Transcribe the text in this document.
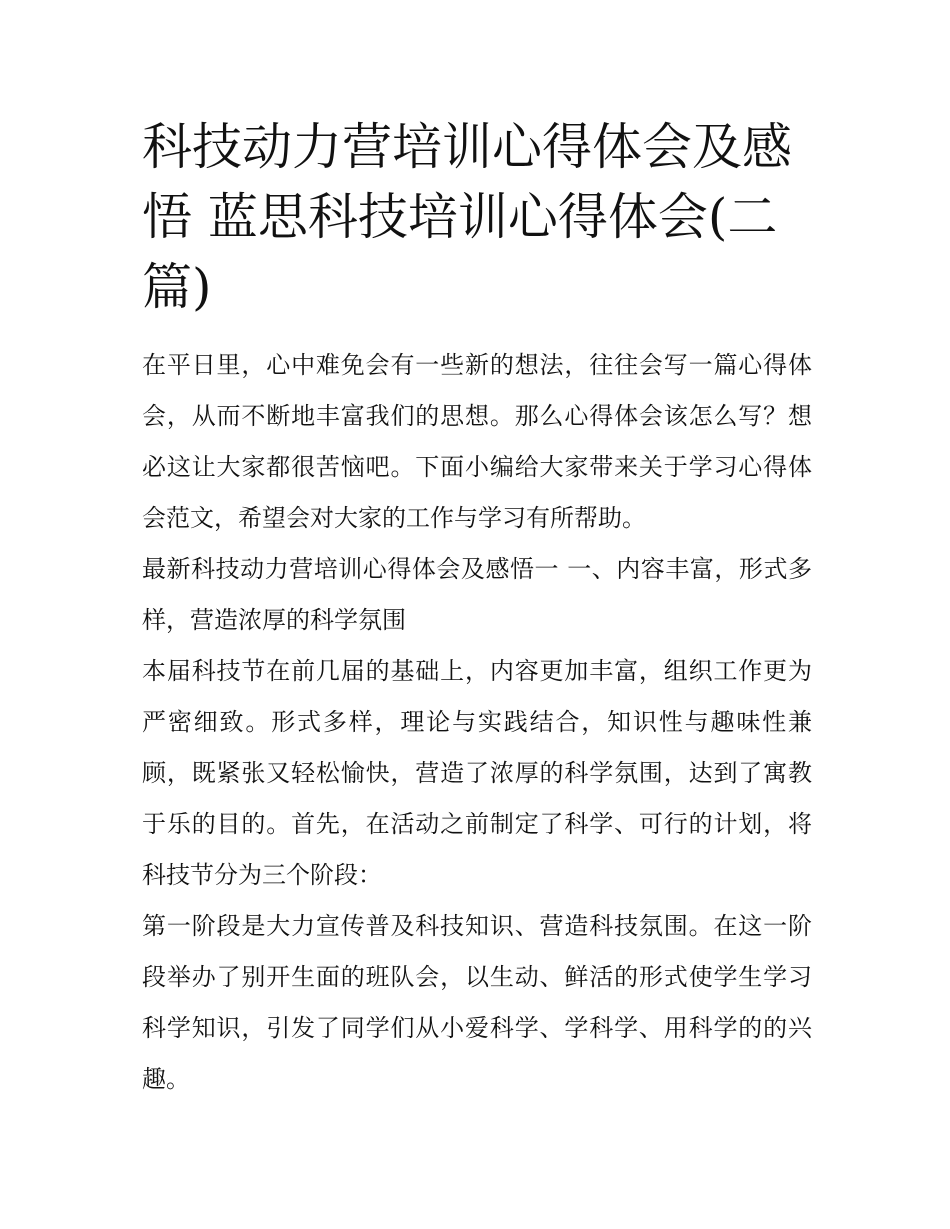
科技动力营培训心得体会及感悟 蓝思科技培训心得体会(二篇)

在平日里，心中难免会有一些新的想法，往往会写一篇心得体会，从而不断地丰富我们的思想。那么心得体会该怎么写？想必这让大家都很苦恼吧。下面小编给大家带来关于学习心得体会范文，希望会对大家的工作与学习有所帮助。

最新科技动力营培训心得体会及感悟一 一、内容丰富，形式多样，营造浓厚的科学氛围

本届科技节在前几届的基础上，内容更加丰富，组织工作更为严密细致。形式多样，理论与实践结合，知识性与趣味性兼顾，既紧张又轻松愉快，营造了浓厚的科学氛围，达到了寓教于乐的目的。首先，在活动之前制定了科学、可行的计划，将科技节分为三个阶段：

第一阶段是大力宣传普及科技知识、营造科技氛围。在这一阶段举办了别开生面的班队会，以生动、鲜活的形式使学生学习科学知识，引发了同学们从小爱科学、学科学、用科学的的兴趣。
